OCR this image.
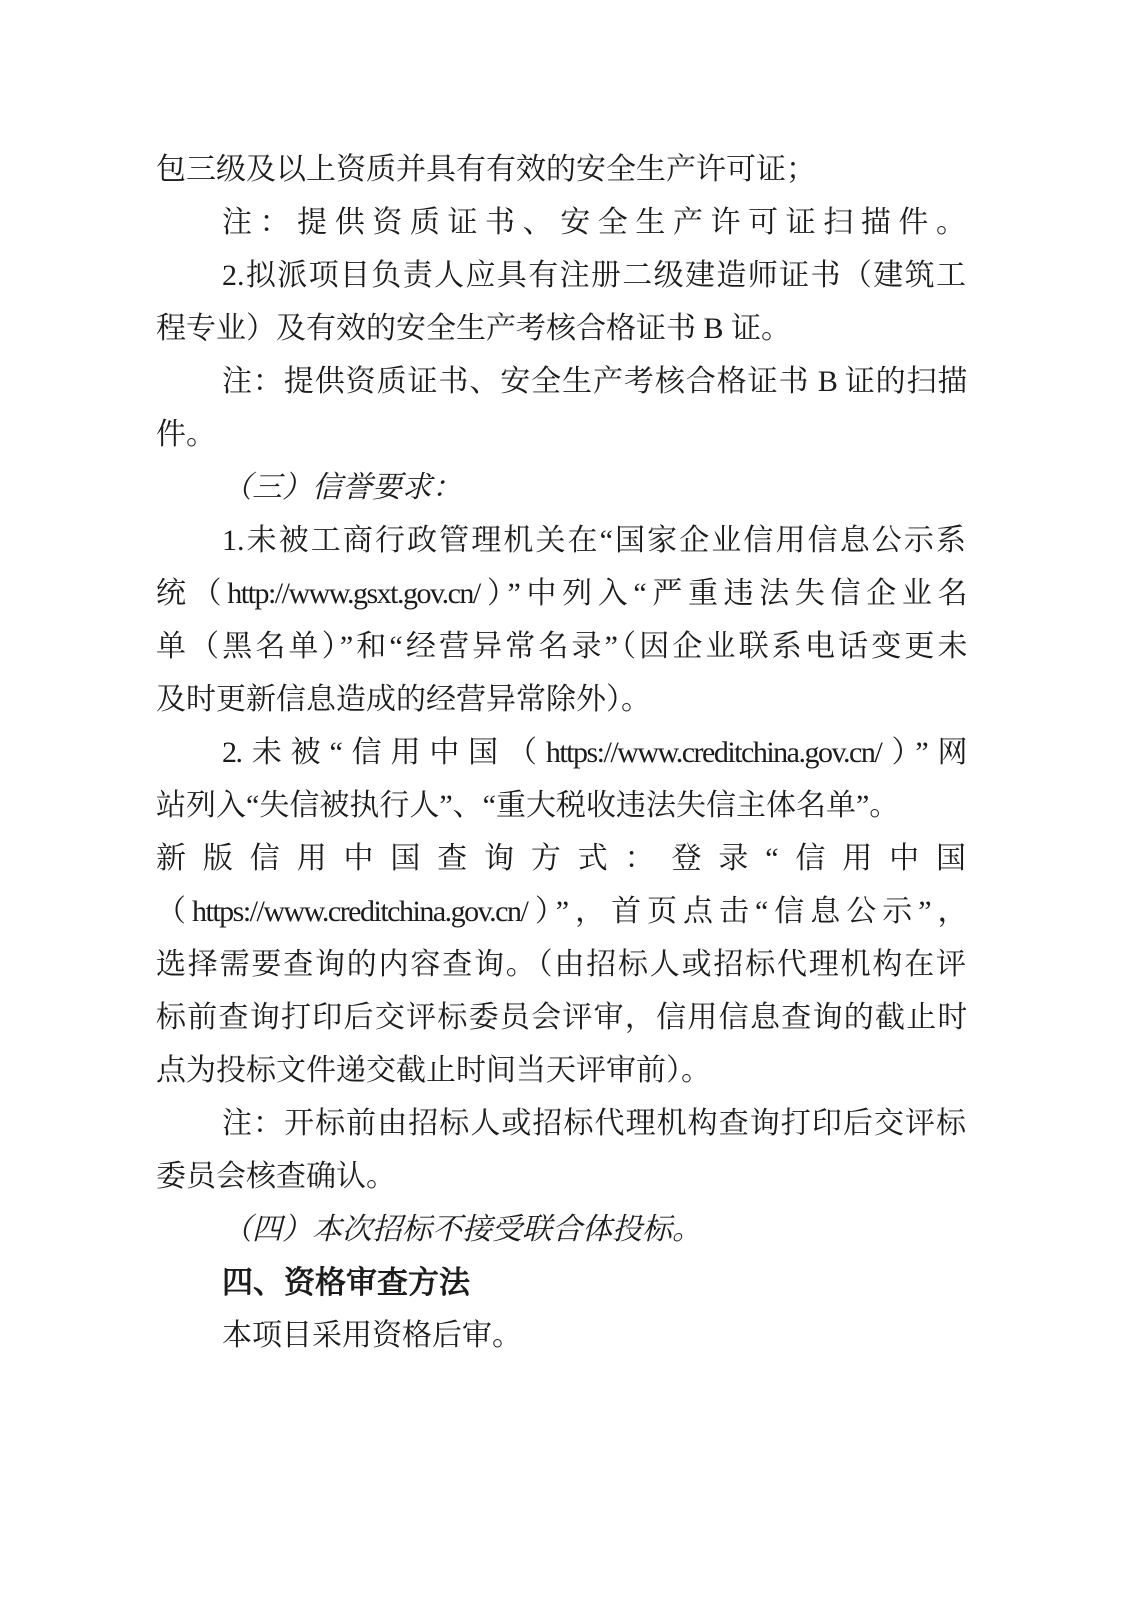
包三级及以上资质并具有有效的安全生产许可证；
注：提供资质证书、安全生产许可证扫描件。
2.拟派项目负责人应具有注册二级建造师证书（建筑工
程专业）及有效的安全生产考核合格证书 B 证。
注：提供资质证书、安全生产考核合格证书 B 证的扫描
件。
（三）信誉要求：
1.未被工商行政管理机关在“国家企业信用信息公示系
统（http://www.gsxt.gov.cn/）”中列入“严重违法失信企业名
单（黑名单）”和“经营异常名录”（因企业联系电话变更未
及时更新信息造成的经营异常除外）。
2.未被“信用中国（https://www.creditchina.gov.cn/）”网
站列入“失信被执行人”、“重大税收违法失信主体名单”。
新版信用中国查询方式：登录“信用中国
（https://www.creditchina.gov.cn/）”，首页点击“信息公示”，
选择需要查询的内容查询。（由招标人或招标代理机构在评
标前查询打印后交评标委员会评审，信用信息查询的截止时
点为投标文件递交截止时间当天评审前）。
注：开标前由招标人或招标代理机构查询打印后交评标
委员会核查确认。
（四）本次招标不接受联合体投标。
四、资格审查方法
本项目采用资格后审。
